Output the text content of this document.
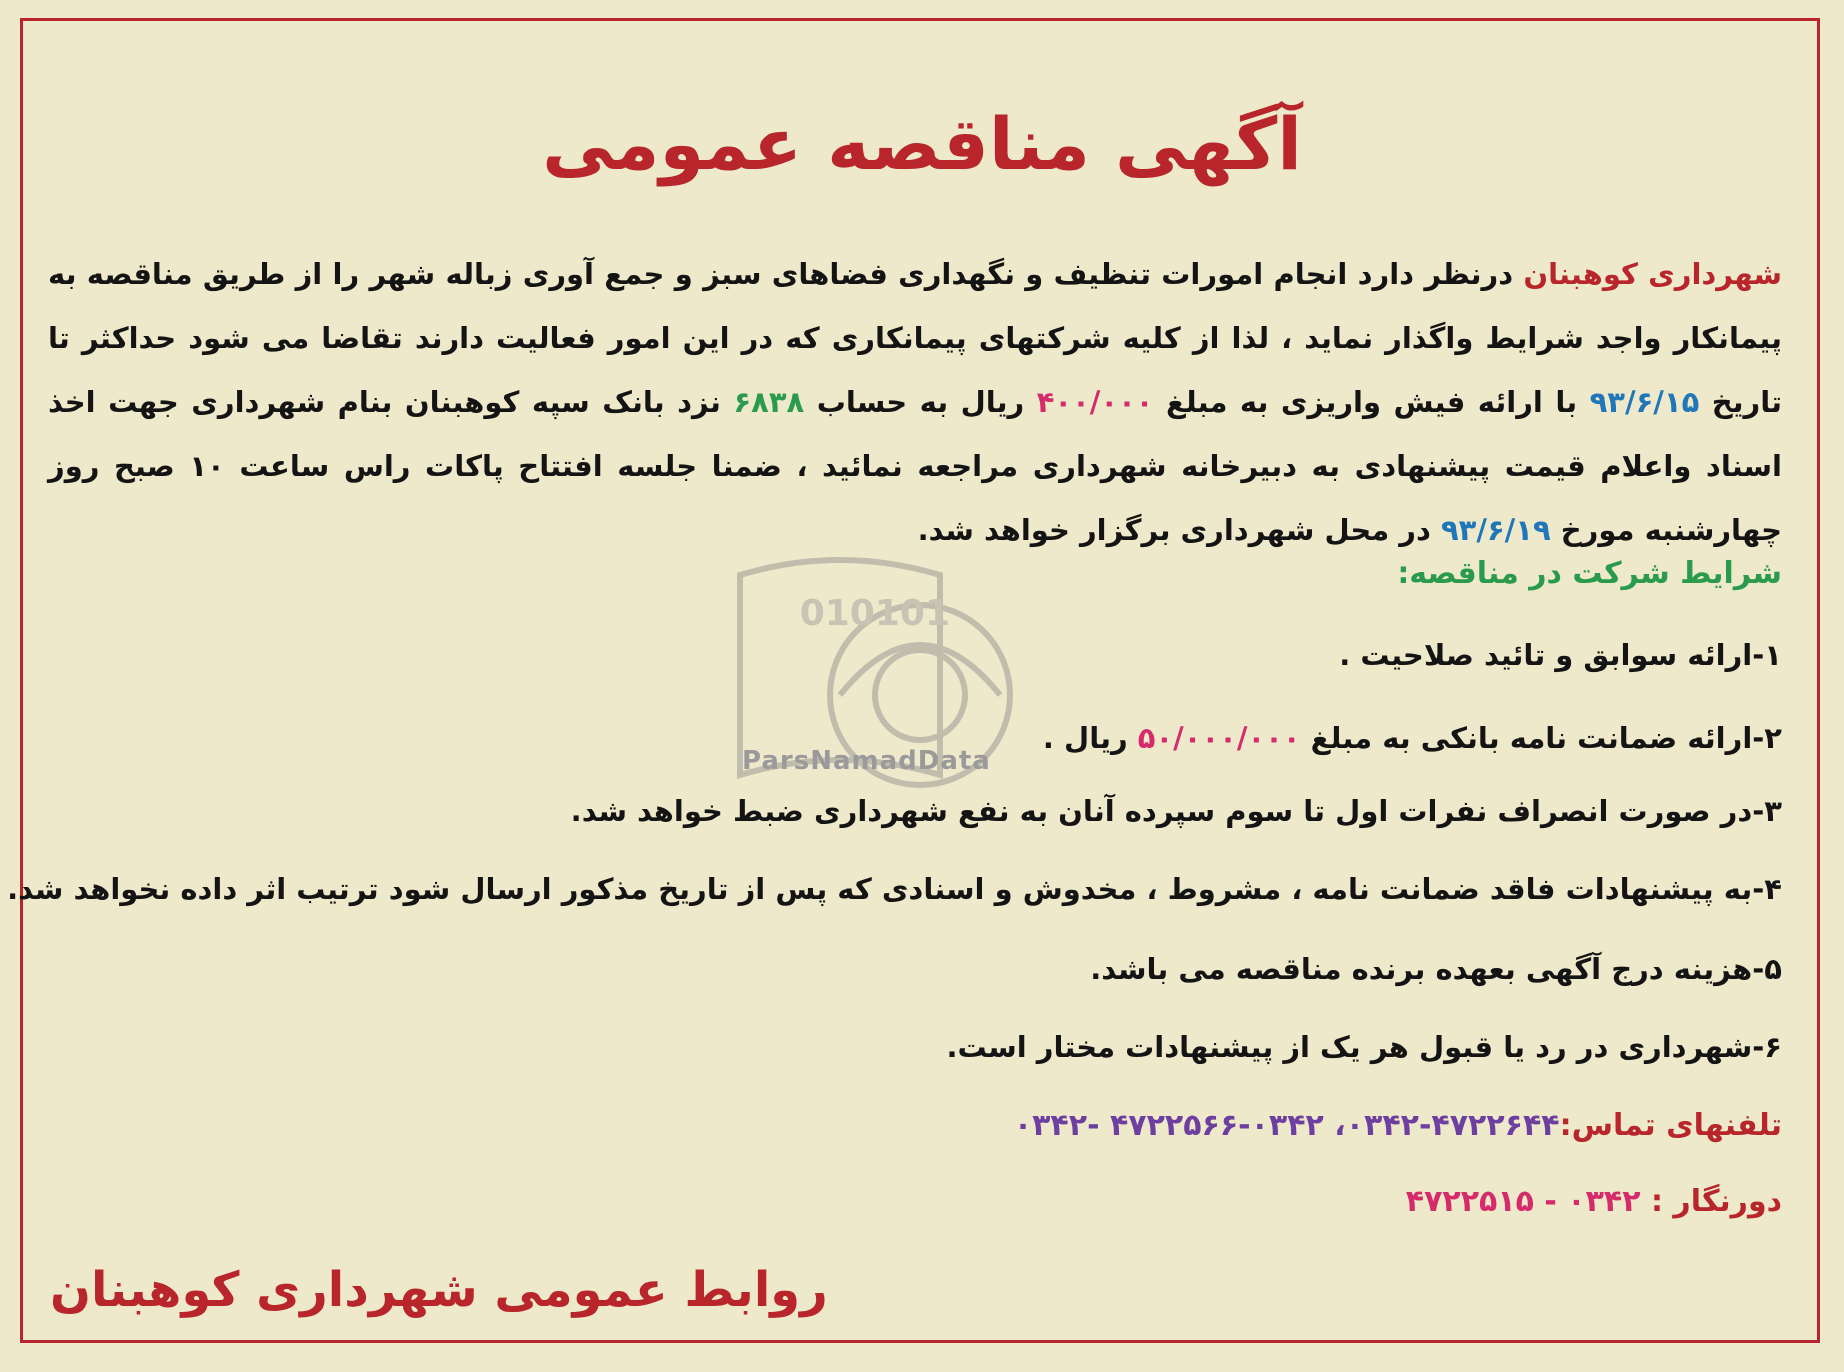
010101
ParsNamadData
آگهی مناقصه عمومی
شهرداری کوهبنان درنظر دارد انجام امورات تنظیف و نگهداری فضاهای سبز و جمع آوری زباله شهر را از طریق مناقصه به پیمانکار واجد شرایط واگذار نماید ، لذا از کلیه شرکتهای پیمانکاری که در این امور فعالیت دارند تقاضا می شود حداکثر تا تاریخ ۹۳/۶/۱۵ با ارائه فیش واریزی به مبلغ ۴۰۰/۰۰۰ ریال به حساب ۶۸۳۸ نزد بانک سپه کوهبنان بنام شهرداری جهت اخذ اسناد واعلام قیمت پیشنهادی به دبیرخانه شهرداری مراجعه نمائید ، ضمنا جلسه افتتاح پاکات راس ساعت ۱۰ صبح روز چهارشنبه مورخ ۹۳/۶/۱۹ در محل شهرداری برگزار خواهد شد.
شرایط شرکت در مناقصه:
۱-ارائه سوابق و تائید صلاحیت .
۲-ارائه ضمانت نامه بانکی به مبلغ ۵۰/۰۰۰/۰۰۰ ریال .
۳-در صورت انصراف نفرات اول تا سوم سپرده آنان به نفع شهرداری ضبط خواهد شد.
۴-به پیشنهادات فاقد ضمانت نامه ، مشروط ، مخدوش و اسنادی که پس از تاریخ مذکور ارسال شود ترتیب اثر داده نخواهد شد.
۵-هزینه درج آگهی بعهده برنده مناقصه می باشد.
۶-شهرداری در رد یا قبول هر یک از پیشنهادات مختار است.
تلفنهای تماس:۴۷۲۲۶۴۴-۰۳۴۲، ۰۳۴۲-۴۷۲۲۵۶۶ -۰۳۴۲
دورنگار : ۰۳۴۲ - ۴۷۲۲۵۱۵
روابط عمومی شهرداری کوهبنان
